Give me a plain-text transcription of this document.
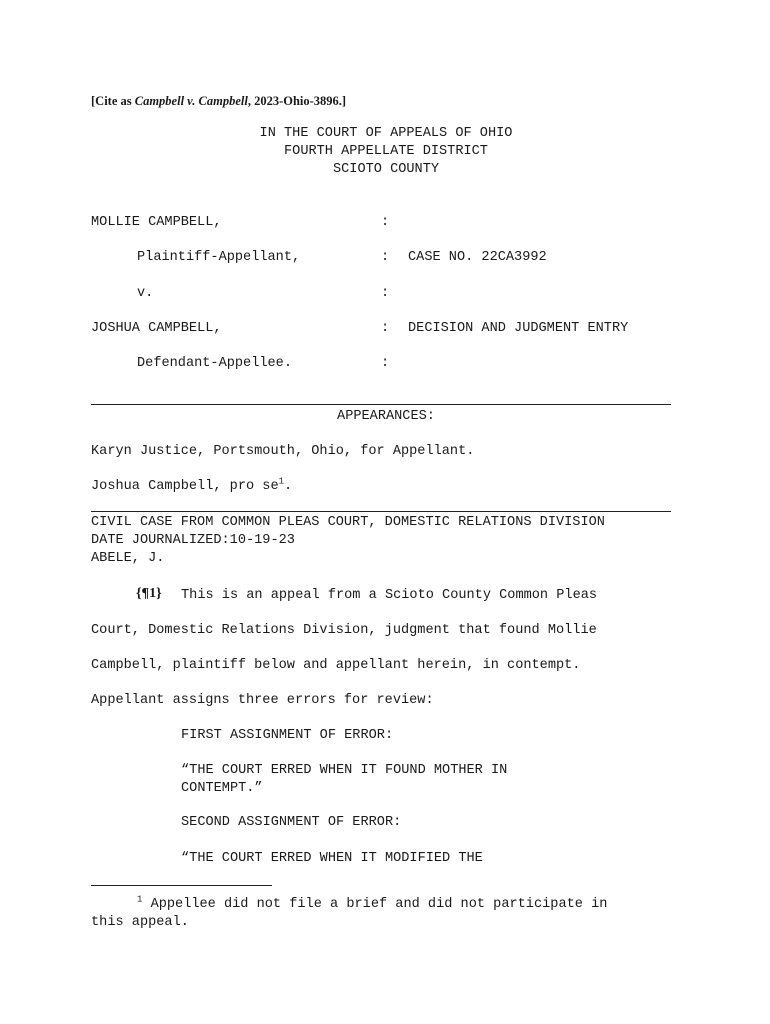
[Cite as Campbell v. Campbell, 2023-Ohio-3896.]
IN THE COURT OF APPEALS OF OHIO
FOURTH APPELLATE DISTRICT
SCIOTO COUNTY
MOLLIE CAMPBELL,
Plaintiff-Appellant,
v.
JOSHUA CAMPBELL,
Defendant-Appellee.
:
:
:
:
:
CASE NO. 22CA3992
DECISION AND JUDGMENT ENTRY
APPEARANCES:
Karyn Justice, Portsmouth, Ohio, for Appellant.
Joshua Campbell, pro $se^1$.
CIVIL CASE FROM COMMON PLEAS COURT, DOMESTIC RELATIONS DIVISION
DATE JOURNALIZED:10-19-23
ABELE, J.
{¶1} This is an appeal from a Scioto County Common Pleas
Court, Domestic Relations Division, judgment that found Mollie
Campbell, plaintiff below and appellant herein, in contempt.
Appellant assigns three errors for review:
FIRST ASSIGNMENT OF ERROR:
“THE COURT ERRED WHEN IT FOUND MOTHER IN
CONTEMPT.”
SECOND ASSIGNMENT OF ERROR:
“THE COURT ERRED WHEN IT MODIFIED THE
$^1$ Appellee did not file a brief and did not participate in
this appeal.
